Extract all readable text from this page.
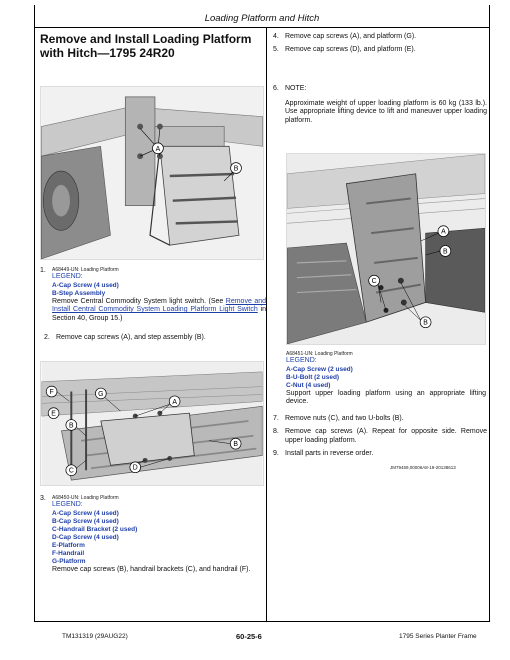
Loading Platform and Hitch
Remove and Install Loading Platform with Hitch—1795 24R20
A
B
1. A68449-UN: Loading Platform
LEGEND:
A-Cap Screw (4 used)
B-Step Assembly
Remove Central Commodity System light switch. (See Remove and Install Central Commodity System Loading Platform Light Switch in Section 40, Group 15.)
2. Remove cap screws (A), and step assembly (B).
F	G
A
E
B
B
C	D
3. A68450-UN: Loading Platform
LEGEND:
A-Cap Screw (4 used)
B-Cap Screw (4 used)
C-Handrail Bracket (2 used)
D-Cap Screw (4 used)
E-Platform
F-Handrail
G-Platform
Remove cap screws (B), handrail brackets (C), and handrail (F).
4. Remove cap screws (A), and platform (G).
5. Remove cap screws (D), and platform (E).
6. NOTE:
Approximate weight of upper loading platform is 60 kg (133 lb.). Use appropriate lifting device to lift and maneuver upper loading platform.
A
B
C
B
A68451-UN: Loading Platform
LEGEND:
A-Cap Screw (2 used)
B-U-Bolt (2 used)
C-Nut (4 used)
Support upper loading platform using an appropriate lifting device.
7. Remove nuts (C), and two U-bolts (B).
8. Remove cap screws (A). Repeat for opposite side. Remove upper loading platform.
9. Install parts in reverse order.
JM79459,00006A8-19-20138613
TM131319 (29AUG22)	60-25-6	1795 Series Planter Frame
